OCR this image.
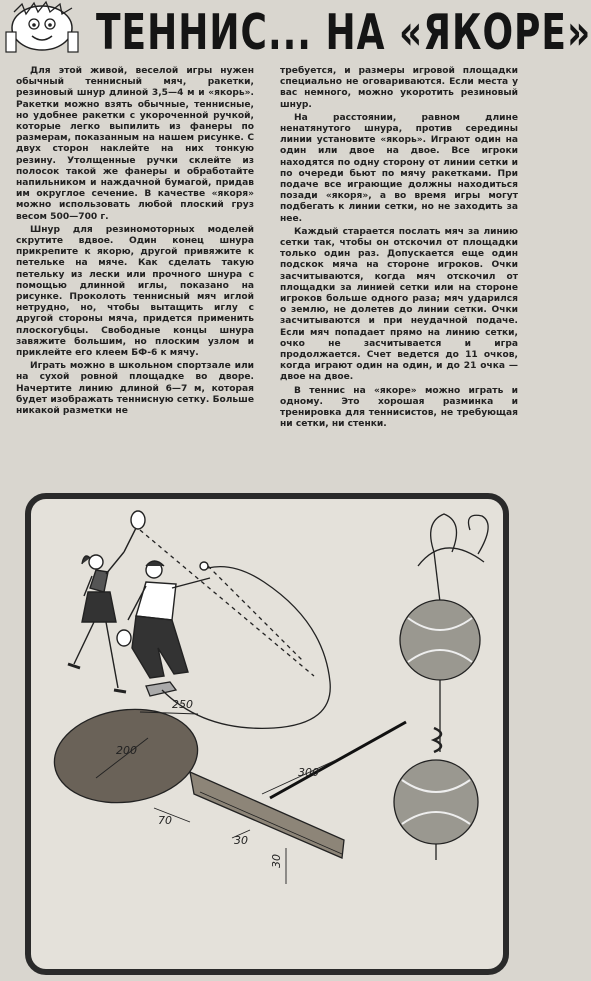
ТЕННИС... НА «ЯКОРЕ»

Для этой живой, веселой игры нужен обычный теннисный мяч, ракетки, резиновый шнур длиной 3,5—4 м и «якорь». Ракетки можно взять обычные, теннисные, но удобнее ракетки с укороченной ручкой, которые легко выпилить из фанеры по размерам, показанным на нашем рисунке. С двух сторон наклейте на них тонкую резину. Утолщенные ручки склейте из полосок такой же фанеры и обработайте напильником и наждачной бумагой, придав им округлое сечение. В качестве «якоря» можно использовать любой плоский груз весом 500—700 г.

Шнур для резиномоторных моделей скрутите вдвое. Один конец шнура прикрепите к якорю, другой привяжите к петельке на мяче. Как сделать такую петельку из лески или прочного шнура с помощью длинной иглы, показано на рисунке. Проколоть теннисный мяч иглой нетрудно, но, чтобы вытащить иглу с другой стороны мяча, придется применить плоскогубцы. Свободные концы шнура завяжите большим, но плоским узлом и приклейте его клеем БФ-6 к мячу.

Играть можно в школьном спортзале или на сухой ровной площадке во дворе. Начертите линию длиной 6—7 м, которая будет изображать теннисную сетку. Больше никакой разметки не

требуется, и размеры игровой площадки специально не оговариваются. Если места у вас немного, можно укоротить резиновый шнур.

На расстоянии, равном длине ненатянутого шнура, против середины линии установите «якорь». Играют один на один или двое на двое. Все игроки находятся по одну сторону от линии сетки и по очереди бьют по мячу ракетками. При подаче все играющие должны находиться позади «якоря», а во время игры могут подбегать к линии сетки, но не заходить за нее.

Каждый старается послать мяч за линию сетки так, чтобы он отскочил от площадки только один раз. Допускается еще один подскок мяча на стороне игроков. Очки засчитываются, когда мяч отскочил от площадки за линией сетки или на стороне игроков больше одного раза; мяч ударился о землю, не долетев до линии сетки. Очки засчитываются и при неудачной подаче. Если мяч попадает прямо на линию сетки, очко не засчитывается и игра продолжается. Счет ведется до 11 очков, когда играют один на один, и до 21 очка — двое на двое.

В теннис на «якоре» можно играть и одному. Это хорошая разминка и тренировка для теннисистов, не требующая ни сетки, ни стенки.

250
200
300
70
30
30
